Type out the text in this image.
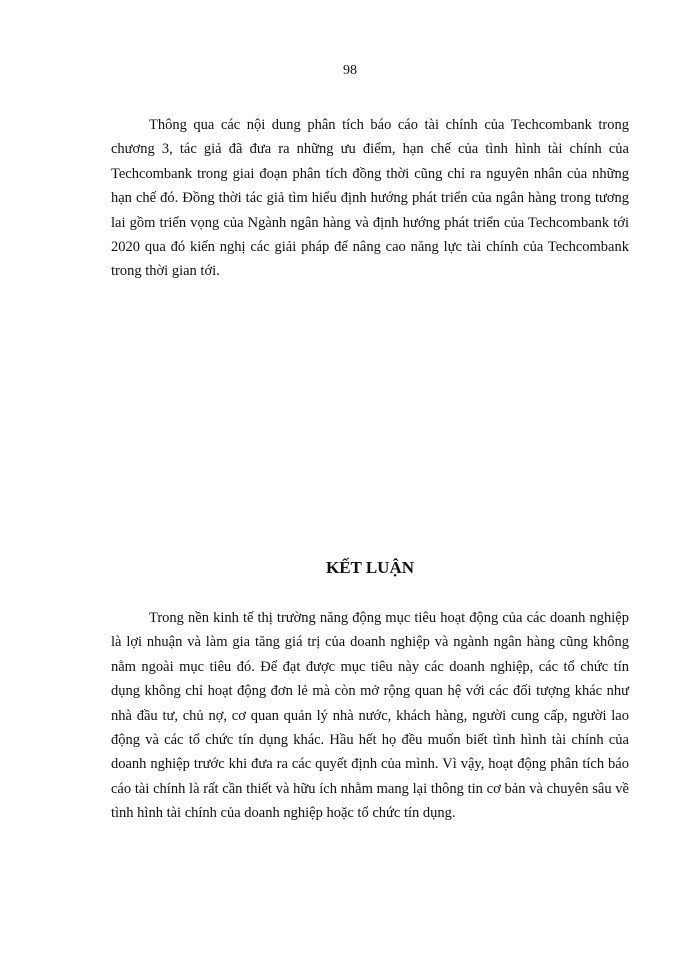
98

Thông qua các nội dung phân tích báo cáo tài chính của Techcombank trong chương 3, tác giả đã đưa ra những ưu điểm, hạn chế của tình hình tài chính của Techcombank trong giai đoạn phân tích đồng thời cũng chỉ ra nguyên nhân của những hạn chế đó. Đồng thời tác giả tìm hiểu định hướng phát triển của ngân hàng trong tương lai gồm triển vọng của Ngành ngân hàng và định hướng phát triển của Techcombank tới 2020 qua đó kiến nghị các giải pháp để nâng cao năng lực tài chính của Techcombank trong thời gian tới.

KẾT LUẬN

Trong nền kinh tế thị trường năng động mục tiêu hoạt động của các doanh nghiệp là lợi nhuận và làm gia tăng giá trị của doanh nghiệp và ngành ngân hàng cũng không nằm ngoài mục tiêu đó. Để đạt được mục tiêu này các doanh nghiệp, các tổ chức tín dụng không chỉ hoạt động đơn lẻ mà còn mở rộng quan hệ với các đối tượng khác như nhà đầu tư, chủ nợ, cơ quan quản lý nhà nước, khách hàng, người cung cấp, người lao động và các tổ chức tín dụng khác. Hầu hết họ đều muốn biết tình hình tài chính của doanh nghiệp trước khi đưa ra các quyết định của mình. Vì vậy, hoạt động phân tích báo cáo tài chính là rất cần thiết và hữu ích nhằm mang lại thông tin cơ bản và chuyên sâu về tình hình tài chính của doanh nghiệp hoặc tổ chức tín dụng.
